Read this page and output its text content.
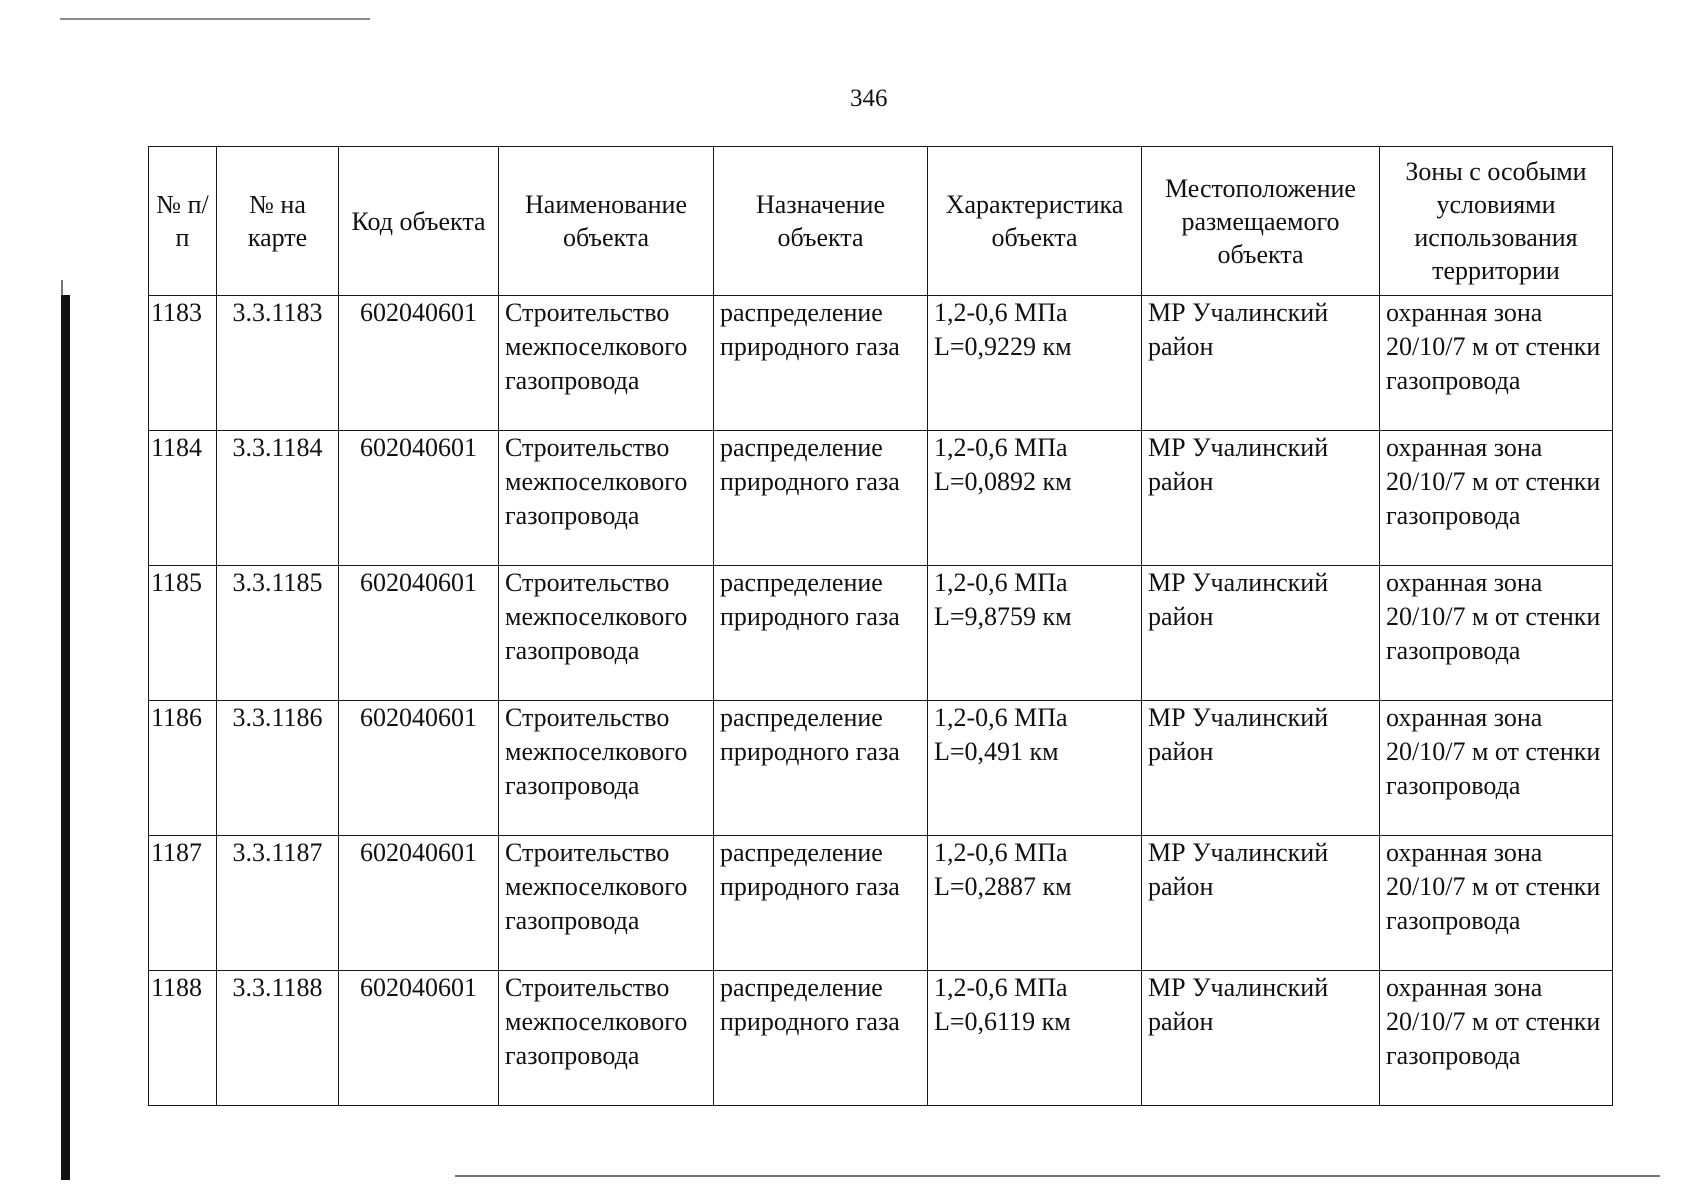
346
№ п/п	№ на карте	Код объекта	Наименование объекта	Назначение объекта	Характеристика объекта	Местоположение размещаемого объекта	Зоны с особыми условиями использования территории
1183	3.3.1183	602040601	Строительство межпоселкового газопровода	распределение природного газа	1,2-0,6 МПа L=0,9229 км	МР Учалинский район	охранная зона 20/10/7 м от стенки газопровода
1184	3.3.1184	602040601	Строительство межпоселкового газопровода	распределение природного газа	1,2-0,6 МПа L=0,0892 км	МР Учалинский район	охранная зона 20/10/7 м от стенки газопровода
1185	3.3.1185	602040601	Строительство межпоселкового газопровода	распределение природного газа	1,2-0,6 МПа L=9,8759 км	МР Учалинский район	охранная зона 20/10/7 м от стенки газопровода
1186	3.3.1186	602040601	Строительство межпоселкового газопровода	распределение природного газа	1,2-0,6 МПа L=0,491 км	МР Учалинский район	охранная зона 20/10/7 м от стенки газопровода
1187	3.3.1187	602040601	Строительство межпоселкового газопровода	распределение природного газа	1,2-0,6 МПа L=0,2887 км	МР Учалинский район	охранная зона 20/10/7 м от стенки газопровода
1188	3.3.1188	602040601	Строительство межпоселкового газопровода	распределение природного газа	1,2-0,6 МПа L=0,6119 км	МР Учалинский район	охранная зона 20/10/7 м от стенки газопровода
